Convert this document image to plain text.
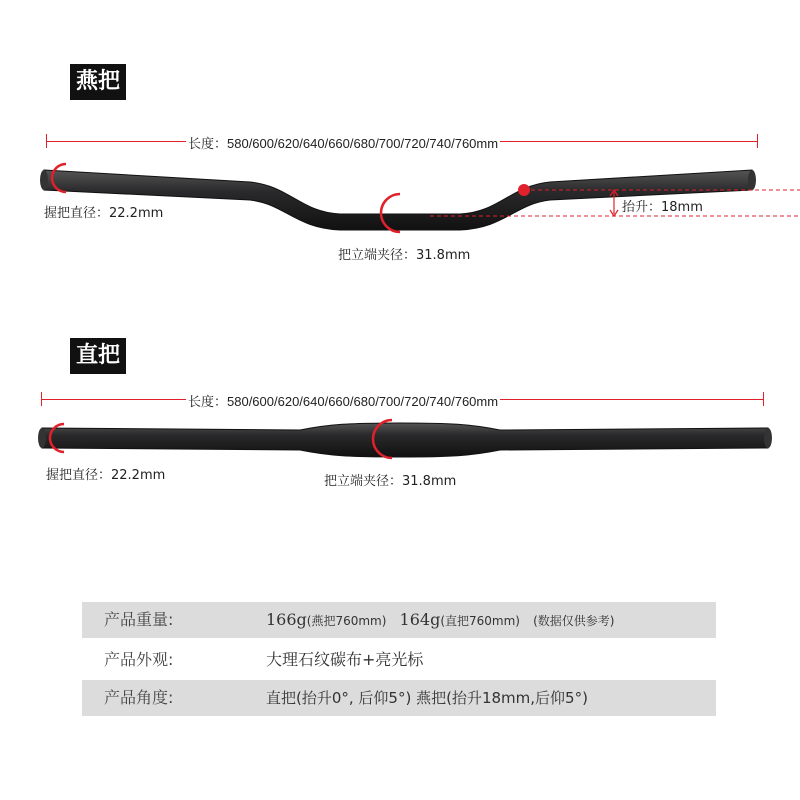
燕把
长度：580/600/620/640/660/680/700/720/740/760mm
握把直径：22.2mm
把立端夹径：31.8mm
抬升：18mm
直把
长度：580/600/620/640/660/680/700/720/740/760mm
握把直径：22.2mm	把立端夹径：31.8mm
产品重量:	166g(燕把760mm) 164g(直把760mm) (数据仅供参考)
产品外观:	大理石纹碳布+亮光标
产品角度:	直把(抬升0°, 后仰5°) 燕把(抬升18mm,后仰5°)
